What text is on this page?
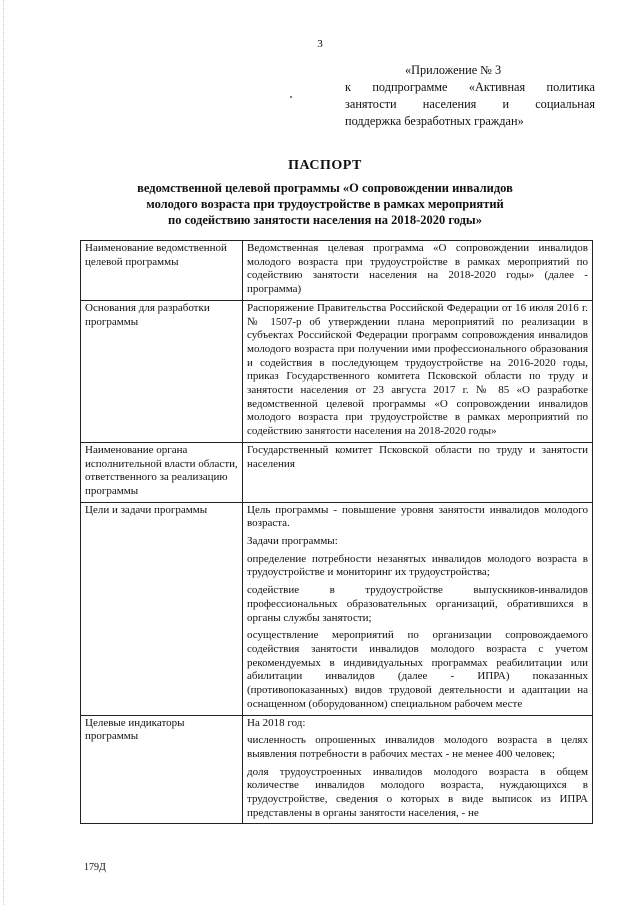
3
«Приложение № 3
к подпрограмме «Активная политика
занятости населения и социальная
поддержка безработных граждан»
ПАСПОРТ
ведомственной целевой программы «О сопровождении инвалидов
молодого возраста при трудоустройстве в рамках мероприятий
по содействию занятости населения на 2018-2020 годы»
Наименование ведомственной целевой программы	Ведомственная целевая программа «О сопровождении инвалидов молодого возраста при трудоустройстве в рамках мероприятий по содействию занятости населения на 2018-2020 годы» (далее - программа)

Основания для разработки программы	Распоряжение Правительства Российской Федерации от 16 июля 2016 г. № 1507-р об утверждении плана мероприятий по реализации в субъектах Российской Федерации программ сопровождения инвалидов молодого возраста при получении ими профессионального образования и содействия в последующем трудоустройстве на 2016-2020 годы, приказ Государственного комитета Псковской области по труду и занятости населения от 23 августа 2017 г. № 85 «О разработке ведомственной целевой программы «О сопровождении инвалидов молодого возраста при трудоустройстве в рамках мероприятий по содействию занятости населения на 2018-2020 годы»

Наименование органа исполнительной власти области, ответственного за реализацию программы	Государственный комитет Псковской области по труду и занятости населения

Цели и задачи программы	Цель программы - повышение уровня занятости инвалидов молодого возраста.
Задачи программы:
определение потребности незанятых инвалидов молодого возраста в трудоустройстве и мониторинг их трудоустройства;
содействие в трудоустройстве выпускников-инвалидов профессиональных образовательных организаций, обратившихся в органы службы занятости;
осуществление мероприятий по организации сопровождаемого содействия занятости инвалидов молодого возраста с учетом рекомендуемых в индивидуальных программах реабилитации или абилитации инвалидов (далее - ИПРА) показанных (противопоказанных) видов трудовой деятельности и адаптации на оснащенном (оборудованном) специальном рабочем месте

Целевые индикаторы программы	На 2018 год:
численность опрошенных инвалидов молодого возраста в целях выявления потребности в рабочих местах - не менее 400 человек;
доля трудоустроенных инвалидов молодого возраста в общем количестве инвалидов молодого возраста, нуждающихся в трудоустройстве, сведения о которых в виде выписок из ИПРА представлены в органы занятости населения, - не
179Д
